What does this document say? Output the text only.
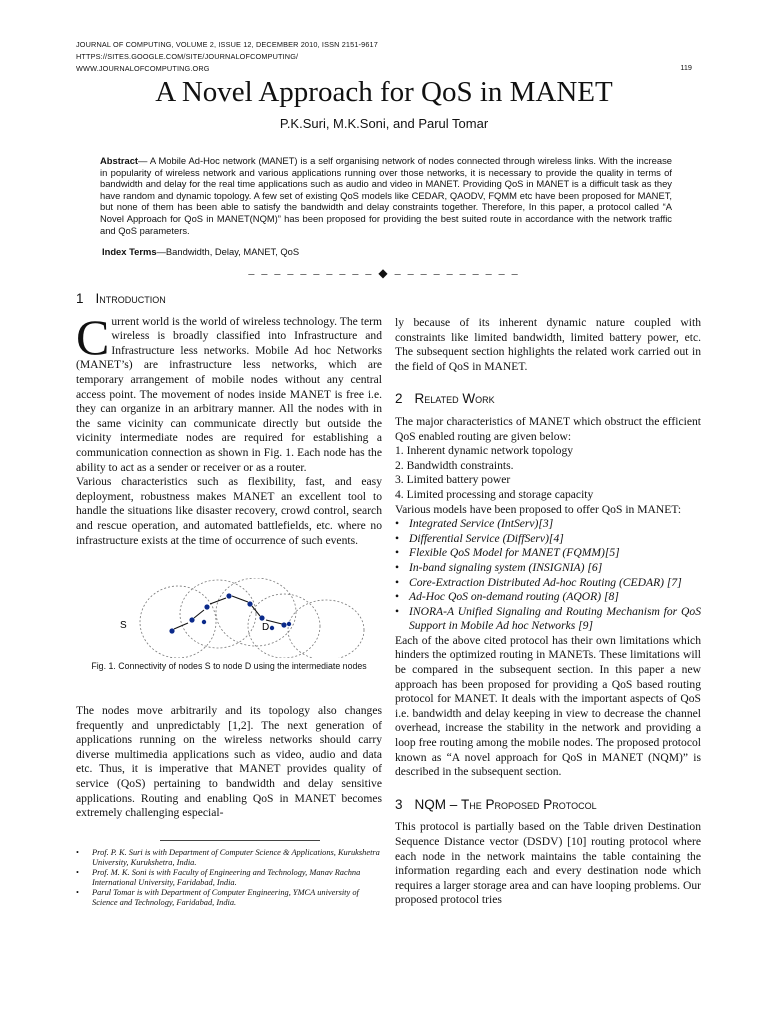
JOURNAL OF COMPUTING, VOLUME 2, ISSUE 12, DECEMBER 2010, ISSN 2151-9617
HTTPS://SITES.GOOGLE.COM/SITE/JOURNALOFCOMPUTING/
WWW.JOURNALOFCOMPUTING.ORG	119
A Novel Approach for QoS in MANET
P.K.Suri, M.K.Soni, and Parul Tomar
Abstract— A Mobile Ad-Hoc network (MANET) is a self organising network of nodes connected through wireless links. With the increase in popularity of wireless network and various applications running over those networks, it is necessary to provide the quality in terms of bandwidth and delay for the real time applications such as audio and video in MANET. Providing QoS in MANET is a difficult task as they have random and dynamic topology. A few set of existing QoS models like CEDAR, QAODV, FQMM etc have been proposed for MANET, but none of them has been able to satisfy the bandwidth and delay constraints together. Therefore, In this paper, a protocol called “A Novel Approach for QoS in MANET(NQM)” has been proposed for providing the best suited route in accordance with the network traffic and QoS parameters.
Index Terms—Bandwidth, Delay, MANET, QoS
– – – – – – – – – – ◆ – – – – – – – – – –
1 Introduction

Current world is the world of wireless technology. The term wireless is broadly classified into Infrastructure and Infrastructure less networks. Mobile Ad hoc Networks (MANET’s) are infrastructure less networks, which are temporary arrangement of mobile nodes without any central access point. The movement of nodes inside MANET is free i.e. they can organize in an arbitrary manner. All the nodes with in the same vicinity can communicate directly but outside the vicinity intermediate nodes are required for establishing a communication connection as shown in Fig. 1. Each node has the ability to act as a sender or receiver or as a router.

Various characteristics such as flexibility, fast, and easy deployment, robustness makes MANET an excellent tool to handle the situations like disaster recovery, crowd control, search and rescue operation, and automated battlefields, etc. where no infrastructure exists at the time of occurrence of such events.

S	D
Fig. 1. Connectivity of nodes S to node D using the intermediate nodes

The nodes move arbitrarily and its topology also changes frequently and unpredictably [1,2]. The next generation of applications running on the wireless networks should carry diverse multimedia applications such as video, audio and data etc. Thus, it is imperative that MANET provides quality of service (QoS) pertaining to bandwidth and delay sensitive applications. Routing and enabling QoS in MANET becomes extremely challenging especial-

• Prof. P. K. Suri is with Department of Computer Science & Applications, Kurukshetra University, Kurukshetra, India.
• Prof. M. K. Soni is with Faculty of Engineering and Technology, Manav Rachna International University, Faridabad, India.
• Parul Tomar is with Department of Computer Engineering, YMCA university of Science and Technology, Faridabad, India.

ly because of its inherent dynamic nature coupled with constraints like limited bandwidth, limited battery power, etc. The subsequent section highlights the related work carried out in the field of QoS in MANET.

2 Related Work

The major characteristics of MANET which obstruct the efficient QoS enabled routing are given below:

1. Inherent dynamic network topology
2. Bandwidth constraints.
3. Limited battery power
4. Limited processing and storage capacity

Various models have been proposed to offer QoS in MANET:

• Integrated Service (IntServ)[3]
• Differential Service (DiffServ)[4]
• Flexible QoS Model for MANET (FQMM)[5]
• In-band signaling system (INSIGNIA) [6]
• Core-Extraction Distributed Ad-hoc Routing (CEDAR) [7]
• Ad-Hoc QoS on-demand routing (AQOR) [8]
• INORA-A Unified Signaling and Routing Mechanism for QoS Support in Mobile Ad hoc Networks [9]

Each of the above cited protocol has their own limitations which hinders the optimized routing in MANETs. These limitations will be compared in the subsequent section. In this paper a new approach has been proposed for providing a QoS based routing protocol for MANET. It deals with the important aspects of QoS i.e. bandwidth and delay keeping in view to decrease the channel overhead, increase the stability in the network and providing a loop free routing among the mobile nodes. The proposed protocol known as “A novel approach for QoS in MANET (NQM)” is described in the subsequent section.

3 NQM – The Proposed Protocol

This protocol is partially based on the Table driven Destination Sequence Distance vector (DSDV) [10] routing protocol where each node in the network maintains the table containing the information regarding each and every destination node which requires a larger storage area and can have looping problems. Our proposed protocol tries
